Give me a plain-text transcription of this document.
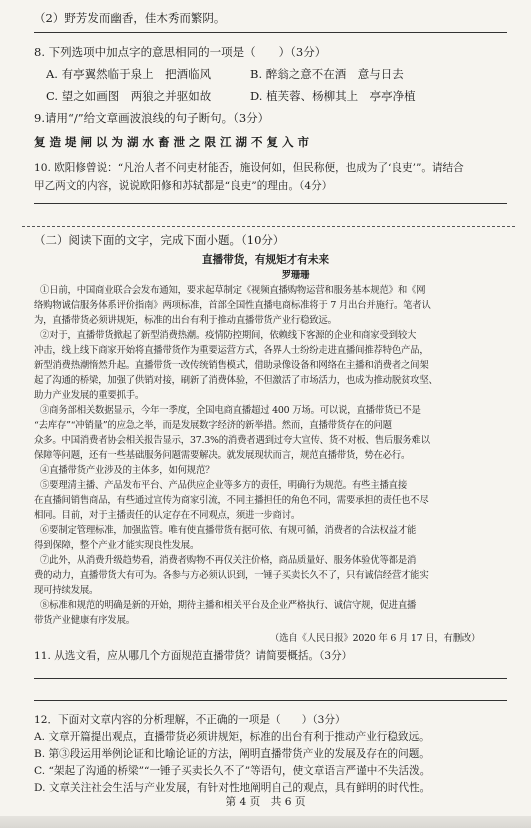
（2）野芳发而幽香，佳木秀而繁阴。
8. 下列选项中加点字的意思相同的一项是（　　）（3分）
A. 有亭翼然临于泉上　把酒临风	B. 醉翁之意不在酒　意与日去
C. 望之如画图　两狼之并驱如故	D. 植芙蓉、杨柳其上　亭亭净植
9.请用“/”给文章画波浪线的句子断句。（3分）
复 造 堤 闸 以 为 湖 水 畜 泄 之 限 江 湖 不 复 入 市
10. 欧阳修曾说：“凡治人者不问吏材能否，施设何如，但民称便，也成为了‘良吏’”。请结合
甲乙两文的内容，说说欧阳修和苏轼都是“良吏”的理由。（4分）
（二）阅读下面的文字，完成下面小题。（10分）
直播带货，有规矩才有未来
罗珊珊
①日前，中国商业联合会发布通知，要求起草制定《视频直播购物运营和服务基本规范》和《网
络购物诚信服务体系评价指南》两项标准，首部全国性直播电商标准将于 7 月出台并施行。笔者认
为，直播带货必须讲规矩，标准的出台有利于推动直播带货产业行稳致远。
②对于，直播带货掀起了新型消费热潮。疫情防控期间，依赖线下客源的企业和商家受到较大
冲击，线上线下商家开始将直播带货作为重要运营方式，各界人士纷纷走进直播间推荐特色产品，
新型消费热潮惰然升起。直播带货一改传统销售模式，借助录像设备和网络在主播和消费者之间架
起了沟通的桥梁，加强了供销对接，刷新了消费体验，不但激活了市场活力，也成为推动脱贫攻坚、
助力产业发展的重要抓手。
③商务部相关数据显示，今年一季度，全国电商直播超过 400 万场。可以说，直播带货已不是
“去库存”“冲销量”的应急之举，而是发展数字经济的新举措。然而，直播带货存在的问题
众多。中国消费者协会相关报告显示，37.3%的消费者遇到过夸大宣传、货不对板、售后服务难以
保障等问题，还有一些基础服务问题需要解决。就发展现状而言，规范直播带货，势在必行。
④直播带货产业涉及的主体多，如何规范？
⑤要理清主播、产品发布平台、产品供应企业等多方的责任，明确行为规范。有些主播直接
在直播间销售商品，有些通过宣传为商家引流，不同主播担任的角色不同，需要承担的责任也不尽
相同。目前，对于主播责任的认定存在不同观点，须进一步商讨。
⑥要制定管理标准，加强监管。唯有使直播带货有据可依、有规可循，消费者的合法权益才能
得到保障，整个产业才能实现良性发展。
⑦此外，从消费升级趋势看，消费者购物不再仅关注价格，商品质量好、服务体验优等都是消
费的动力，直播带货大有可为。各参与方必须认识到，一锤子买卖长久不了，只有诚信经营才能实
现可持续发展。
⑧标准和规范的明确是新的开始，期待主播和相关平台及企业严格执行、诚信守规，促进直播
带货产业健康有序发展。
（选自《人民日报》2020 年 6 月 17 日，有删改）
11. 从选文看，应从哪几个方面规范直播带货？请简要概括。（3分）
12．下面对文章内容的分析理解，不正确的一项是（　　）（3分）
A. 文章开篇提出观点，直播带货必须讲规矩，标准的出台有利于推动产业行稳致远。
B. 第③段运用举例论证和比喻论证的方法，阐明直播带货产业的发展及存在的问题。
C. “架起了沟通的桥梁”“一锤子买卖长久不了”等语句，使文章语言严谨中不失活泼。
D. 文章关注社会生活与产业发展，有针对性地阐明自己的观点，具有鲜明的时代性。
第 4 页　共 6 页
